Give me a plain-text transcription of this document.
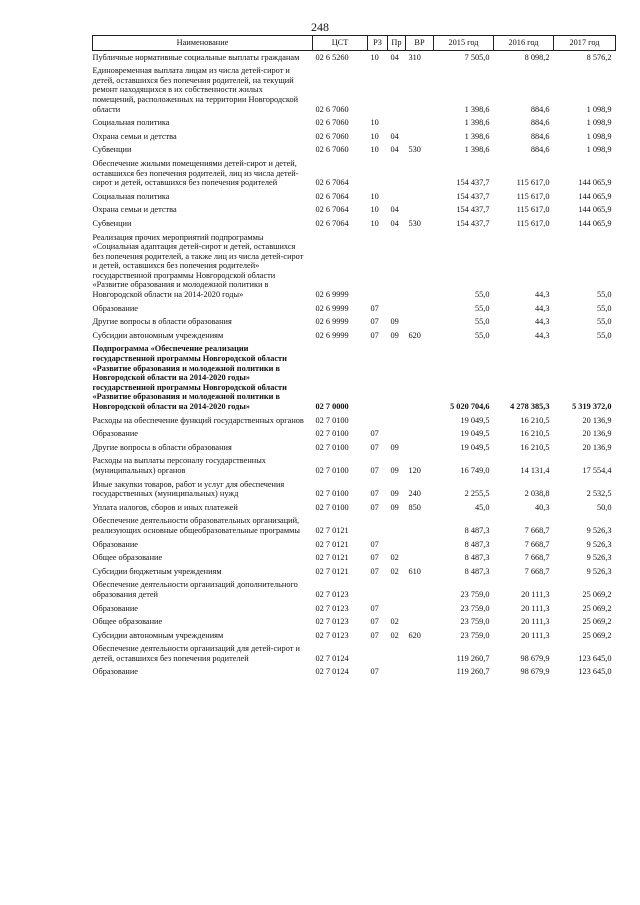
248
Наименование	ЦСТ	РЗ	Пр	ВР	2015 год	2016 год	2017 год
Публичные нормативные социальные выплаты гражданам	02 6 5260	10	04	310	7 505,0	8 098,2	8 576,2
Единовременная выплата лицам из числа детей-сирот и детей, оставшихся без попечения родителей, на текущий ремонт находящихся в их собственности жилых помещений, расположенных на территории Новгородской области	02 6 7060				1 398,6	884,6	1 098,9
Социальная политика	02 6 7060	10			1 398,6	884,6	1 098,9
Охрана семьи и детства	02 6 7060	10	04		1 398,6	884,6	1 098,9
Субвенции	02 6 7060	10	04	530	1 398,6	884,6	1 098,9
Обеспечение жилыми помещениями детей-сирот и детей, оставшихся без попечения родителей, лиц из числа детей-сирот и детей, оставшихся без попечения родителей	02 6 7064				154 437,7	115 617,0	144 065,9
Социальная политика	02 6 7064	10			154 437,7	115 617,0	144 065,9
Охрана семьи и детства	02 6 7064	10	04		154 437,7	115 617,0	144 065,9
Субвенции	02 6 7064	10	04	530	154 437,7	115 617,0	144 065,9
Реализация прочих мероприятий подпрограммы «Социальная адаптация детей-сирот и детей, оставшихся без попечения родителей, а также лиц из числа детей-сирот и детей, оставшихся без попечения родителей» государственной программы Новгородской области «Развитие образования и молодежной политики в Новгородской области на 2014-2020 годы»	02 6 9999				55,0	44,3	55,0
Образование	02 6 9999	07			55,0	44,3	55,0
Другие вопросы в области образования	02 6 9999	07	09		55,0	44,3	55,0
Субсидии автономным учреждениям	02 6 9999	07	09	620	55,0	44,3	55,0
Подпрограмма «Обеспечение реализации государственной программы Новгородской области «Развитие образования и молодежной политики в Новгородской области на 2014-2020 годы» государственной программы Новгородской области «Развитие образования и молодежной политики в Новгородской области на 2014-2020 годы»	02 7 0000				5 020 704,6	4 278 385,3	5 319 372,0
Расходы на обеспечение функций государственных органов	02 7 0100				19 049,5	16 210,5	20 136,9
Образование	02 7 0100	07			19 049,5	16 210,5	20 136,9
Другие вопросы в области образования	02 7 0100	07	09		19 049,5	16 210,5	20 136,9
Расходы на выплаты персоналу государственных (муниципальных) органов	02 7 0100	07	09	120	16 749,0	14 131,4	17 554,4
Иные закупки товаров, работ и услуг для обеспечения государственных (муниципальных) нужд	02 7 0100	07	09	240	2 255,5	2 038,8	2 532,5
Уплата налогов, сборов и иных платежей	02 7 0100	07	09	850	45,0	40,3	50,0
Обеспечение деятельности образовательных организаций, реализующих основные общеобразовательные программы	02 7 0121				8 487,3	7 668,7	9 526,3
Образование	02 7 0121	07			8 487,3	7 668,7	9 526,3
Общее образование	02 7 0121	07	02		8 487,3	7 668,7	9 526,3
Субсидии бюджетным учреждениям	02 7 0121	07	02	610	8 487,3	7 668,7	9 526,3
Обеспечение деятельности организаций дополнительного образования детей	02 7 0123				23 759,0	20 111,3	25 069,2
Образование	02 7 0123	07			23 759,0	20 111,3	25 069,2
Общее образование	02 7 0123	07	02		23 759,0	20 111,3	25 069,2
Субсидии автономным учреждениям	02 7 0123	07	02	620	23 759,0	20 111,3	25 069,2
Обеспечение деятельности организаций для детей-сирот и детей, оставшихся без попечения родителей	02 7 0124				119 260,7	98 679,9	123 645,0
Образование	02 7 0124	07			119 260,7	98 679,9	123 645,0
